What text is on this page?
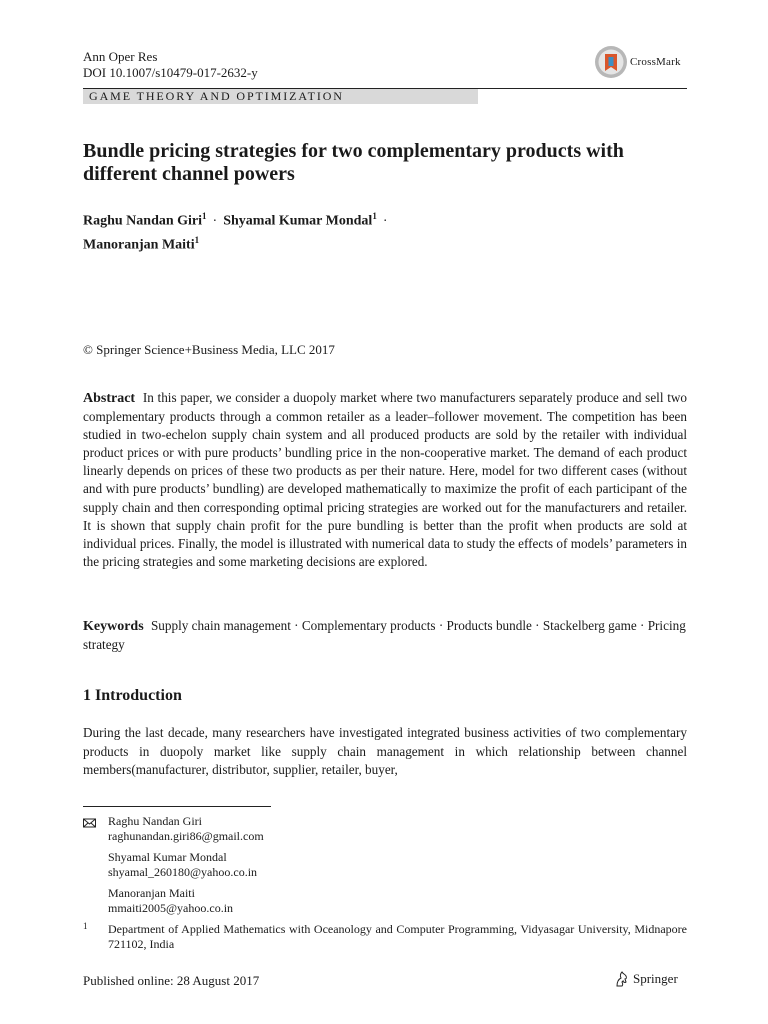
Ann Oper Res
DOI 10.1007/s10479-017-2632-y
CrossMark
GAME THEORY AND OPTIMIZATION
Bundle pricing strategies for two complementary products with different channel powers
Raghu Nandan Giri$^1$ · Shyamal Kumar Mondal$^1$ ·
Manoranjan Maiti$^1$
© Springer Science+Business Media, LLC 2017
Abstract In this paper, we consider a duopoly market where two manufacturers separately produce and sell two complementary products through a common retailer as a leader–follower movement. The competition has been studied in two-echelon supply chain system and all produced products are sold by the retailer with individual product prices or with pure products’ bundling price in the non-cooperative market. The demand of each product linearly depends on prices of these two products as per their nature. Here, model for two different cases (without and with pure products’ bundling) are developed mathematically to maximize the profit of each participant of the supply chain and then corresponding optimal pricing strategies are worked out for the manufacturers and retailer. It is shown that supply chain profit for the pure bundling is better than the profit when products are sold at individual prices. Finally, the model is illustrated with numerical data to study the effects of models’ parameters in the pricing strategies and some marketing decisions are explored.
Keywords Supply chain management · Complementary products · Products bundle · Stackelberg game · Pricing strategy
1 Introduction
During the last decade, many researchers have investigated integrated business activities of two complementary products in duopoly market like supply chain management in which relationship between channel members(manufacturer, distributor, supplier, retailer, buyer,
Raghu Nandan Giri
raghunandan.giri86@gmail.com
Shyamal Kumar Mondal
shyamal_260180@yahoo.co.in
Manoranjan Maiti
mmaiti2005@yahoo.co.in
1 Department of Applied Mathematics with Oceanology and Computer Programming, Vidyasagar University, Midnapore 721102, India
Published online: 28 August 2017	Springer
